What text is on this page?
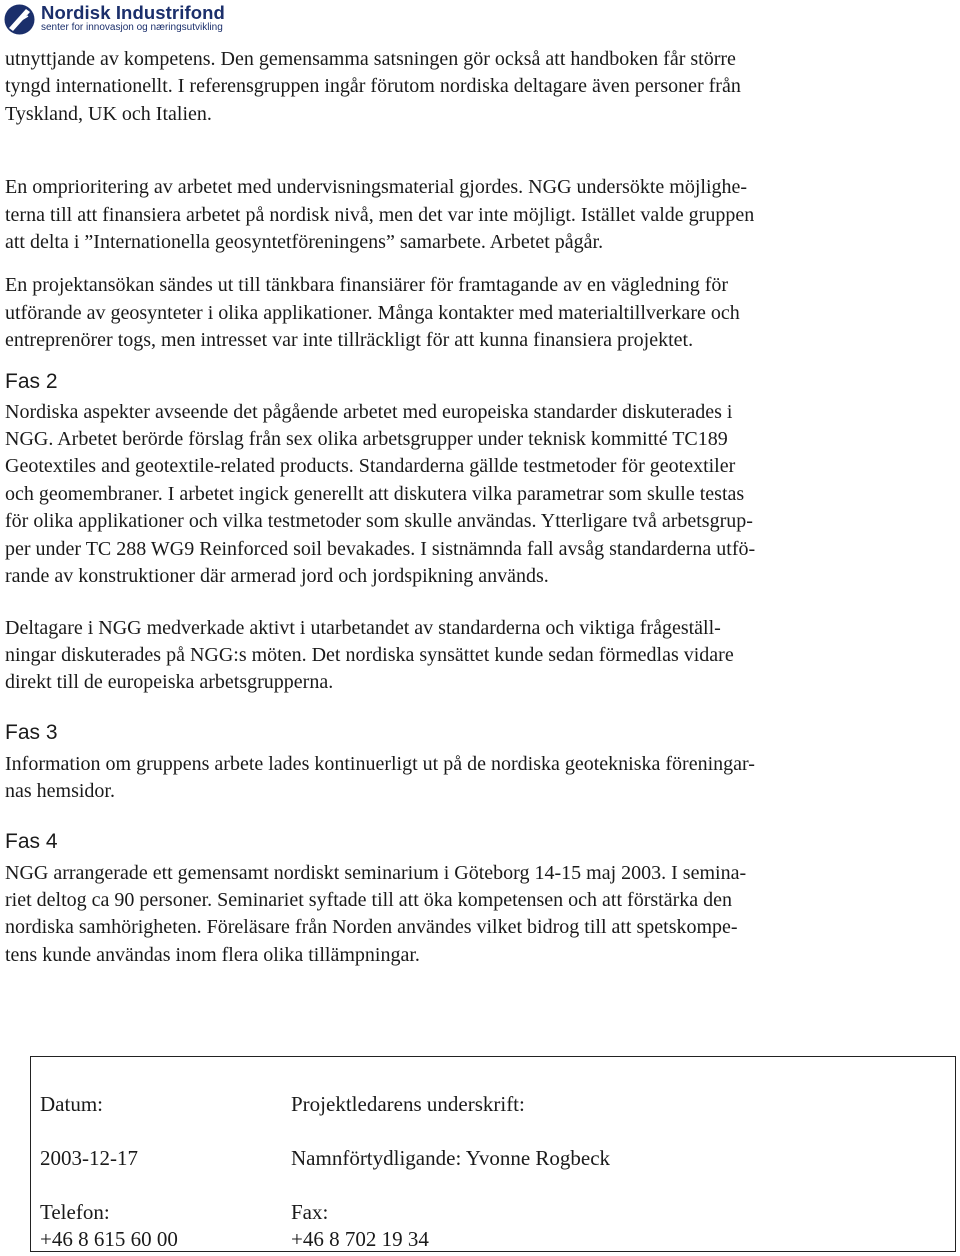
Nordisk Industrifond
senter for innovasjon og næringsutvikling
utnyttjande av kompetens. Den gemensamma satsningen gör också att handboken får större
tyngd internationellt. I referensgruppen ingår förutom nordiska deltagare även personer från
Tyskland, UK och Italien.
En omprioritering av arbetet med undervisningsmaterial gjordes. NGG undersökte möjlighe-
terna till att finansiera arbetet på nordisk nivå, men det var inte möjligt. Istället valde gruppen
att delta i ”Internationella geosyntetföreningens” samarbete. Arbetet pågår.
En projektansökan sändes ut till tänkbara finansiärer för framtagande av en vägledning för
utförande av geosynteter i olika applikationer. Många kontakter med materialtillverkare och
entreprenörer togs, men intresset var inte tillräckligt för att kunna finansiera projektet.
Fas 2
Nordiska aspekter avseende det pågående arbetet med europeiska standarder diskuterades i
NGG. Arbetet berörde förslag från sex olika arbetsgrupper under teknisk kommitté TC189
Geotextiles and geotextile-related products. Standarderna gällde testmetoder för geotextiler
och geomembraner. I arbetet ingick generellt att diskutera vilka parametrar som skulle testas
för olika applikationer och vilka testmetoder som skulle användas. Ytterligare två arbetsgrup-
per under TC 288 WG9 Reinforced soil bevakades. I sistnämnda fall avsåg standarderna utfö-
rande av konstruktioner där armerad jord och jordspikning används.
Deltagare i NGG medverkade aktivt i utarbetandet av standarderna och viktiga frågeställ-
ningar diskuterades på NGG:s möten. Det nordiska synsättet kunde sedan förmedlas vidare
direkt till de europeiska arbetsgrupperna.
Fas 3
Information om gruppens arbete lades kontinuerligt ut på de nordiska geotekniska föreningar-
nas hemsidor.
Fas 4
NGG arrangerade ett gemensamt nordiskt seminarium i Göteborg 14-15 maj 2003. I semina-
riet deltog ca 90 personer. Seminariet syftade till att öka kompetensen och att förstärka den
nordiska samhörigheten. Föreläsare från Norden användes vilket bidrog till att spetskompe-
tens kunde användas inom flera olika tillämpningar.
Datum:	Projektledarens underskrift:
2003-12-17	Namnförtydligande: Yvonne Rogbeck
Telefon:	Fax:
+46 8 615 60 00	+46 8 702 19 34
